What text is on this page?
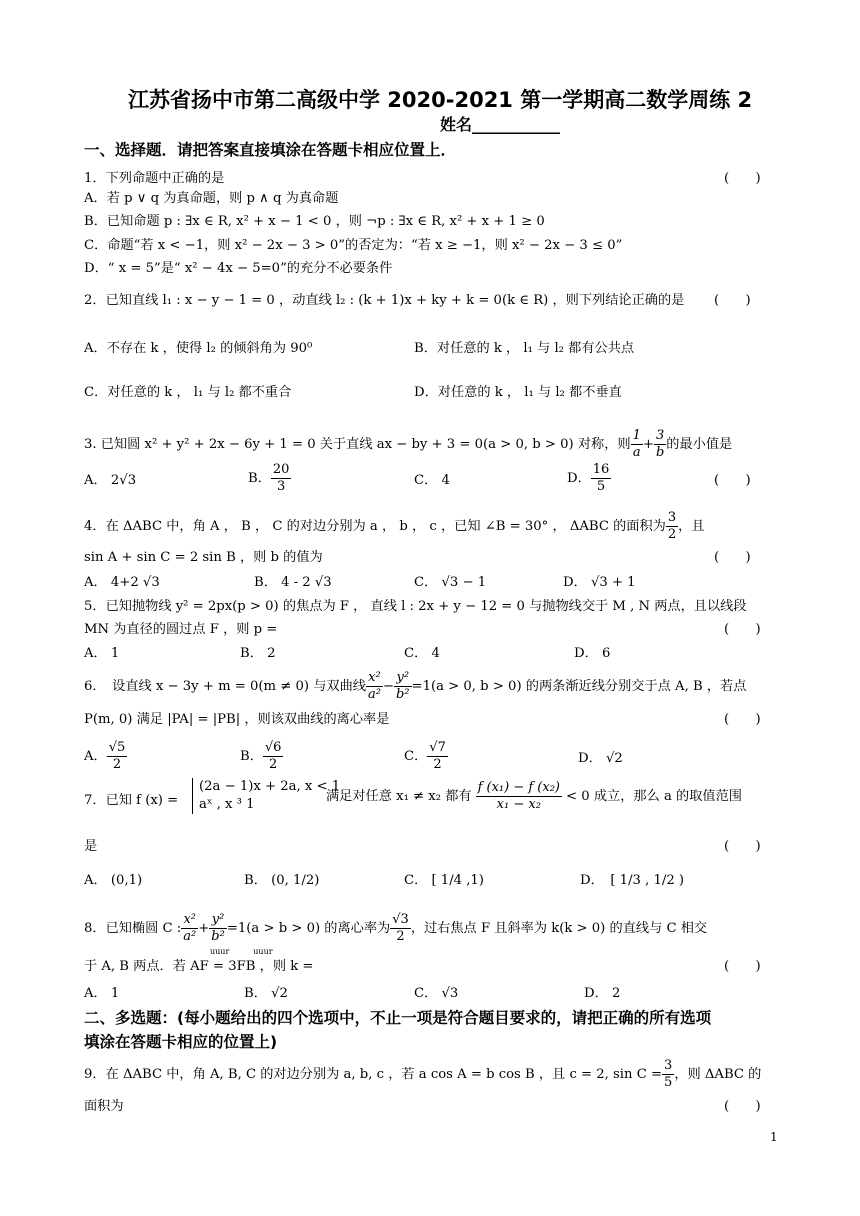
江苏省扬中市第二高级中学 2020-2021 第一学期高二数学周练 2
姓名___________
一、选择题．请把答案直接填涂在答题卡相应位置上．
1．下列命题中正确的是	(　　)
A．若 p ∨ q 为真命题，则 p ∧ q 为真命题
B．已知命题 p : ∃x ∈ R, x² + x − 1 < 0 ，则 ¬p : ∃x ∈ R, x² + x + 1 ≥ 0
C．命题“若 x < −1，则 x² − 2x − 3 > 0”的否定为：“若 x ≥ −1，则 x² − 2x − 3 ≤ 0”
D．“ x = 5”是“ x² − 4x − 5=0”的充分不必要条件
2．已知直线 l₁ : x − y − 1 = 0 ，动直线 l₂ : (k + 1)x + ky + k = 0(k ∈ R) ，则下列结论正确的是 (　　)
A．不存在 k ，使得 l₂ 的倾斜角为 90⁰	B．对任意的 k ， l₁ 与 l₂ 都有公共点
C．对任意的 k ， l₁ 与 l₂ 都不重合	D．对任意的 k ， l₁ 与 l₂ 都不垂直
3. 已知圆 x² + y² + 2x − 6y + 1 = 0 关于直线 ax − by + 3 = 0(a > 0, b > 0) 对称，则 $\frac{1}{a} + \frac{3}{b}$ 的最小值是
A． 2√3	B． $\frac{20}{3}$	C． 4	D． $\frac{16}{5}$	(　　)
4．在 ΔABC 中，角 A ， B ， C 的对边分别为 a ， b ， c ，已知 ∠B = 30° ， ΔABC 的面积为 $\frac{3}{2}$ ，且
sin A + sin C = 2 sin B ，则 b 的值为	(　　)
A． 4+2 √3	B． 4 - 2 √3	C． √3 − 1	D． √3 + 1
5．已知抛物线 y² = 2px(p > 0) 的焦点为 F ， 直线 l : 2x + y − 12 = 0 与抛物线交于 M , N 两点，且以线段
MN 为直径的圆过点 F ，则 p =	(　　)
A． 1	B． 2	C． 4	D． 6
6．　设直线 x − 3y + m = 0(m ≠ 0) 与双曲线 $\frac{\text{x²}}{\text{a²}} - \frac{\text{y²}}{\text{b²}} =1(a > 0$, b > 0) 的两条渐近线分别交于点 A, B ，若点
P(m, 0) 满足 |PA| = |PB| ，则该双曲线的离心率是	(　　)
A． $\frac{√5}{2}$	B． $\frac{√6}{2}$	C． $\frac{√7}{2}$	D． √2
7．已知 f (x) =
(2a − 1)x + 2a, x < 1
aˣ , x ³ 1
满足对任意 x₁ ≠ x₂ 都有 $\frac{\text{f (x₁) − f (x₂)}}{\text{x₁ − x₂}} < 0$ 成立，那么 a 的取值范围
是	(　　)
A． (0,1)	B． (0, 1/2)	C． [ 1/4 ,1)	D．　[ 1/3 , 1/2 )
8．已知椭圆 C : $\frac{\text{x²}}{\text{a²}} + \frac{\text{y²}}{\text{b²}} =1(a > b > 0)$ 的离心率为 $\frac{√3}{2}$ ，过右焦点 F 且斜率为 k(k > 0) 的直线与 C 相交
uuur　　　uuur
于 A, B 两点．若 AF = 3FB ，则 k =	(　　)
A． 1	B． √2	C． √3	D． 2
二、多选题：(每小题给出的四个选项中，不止一项是符合题目要求的，请把正确的所有选项
填涂在答题卡相应的位置上)
9．在 ΔABC 中，角 A, B, C 的对边分别为 a, b, c ，若 a cos A = b cos B ，且 c = 2, $\sin C = \frac{3}{5}$ ，则 ΔABC 的
面积为	(　　)
1
